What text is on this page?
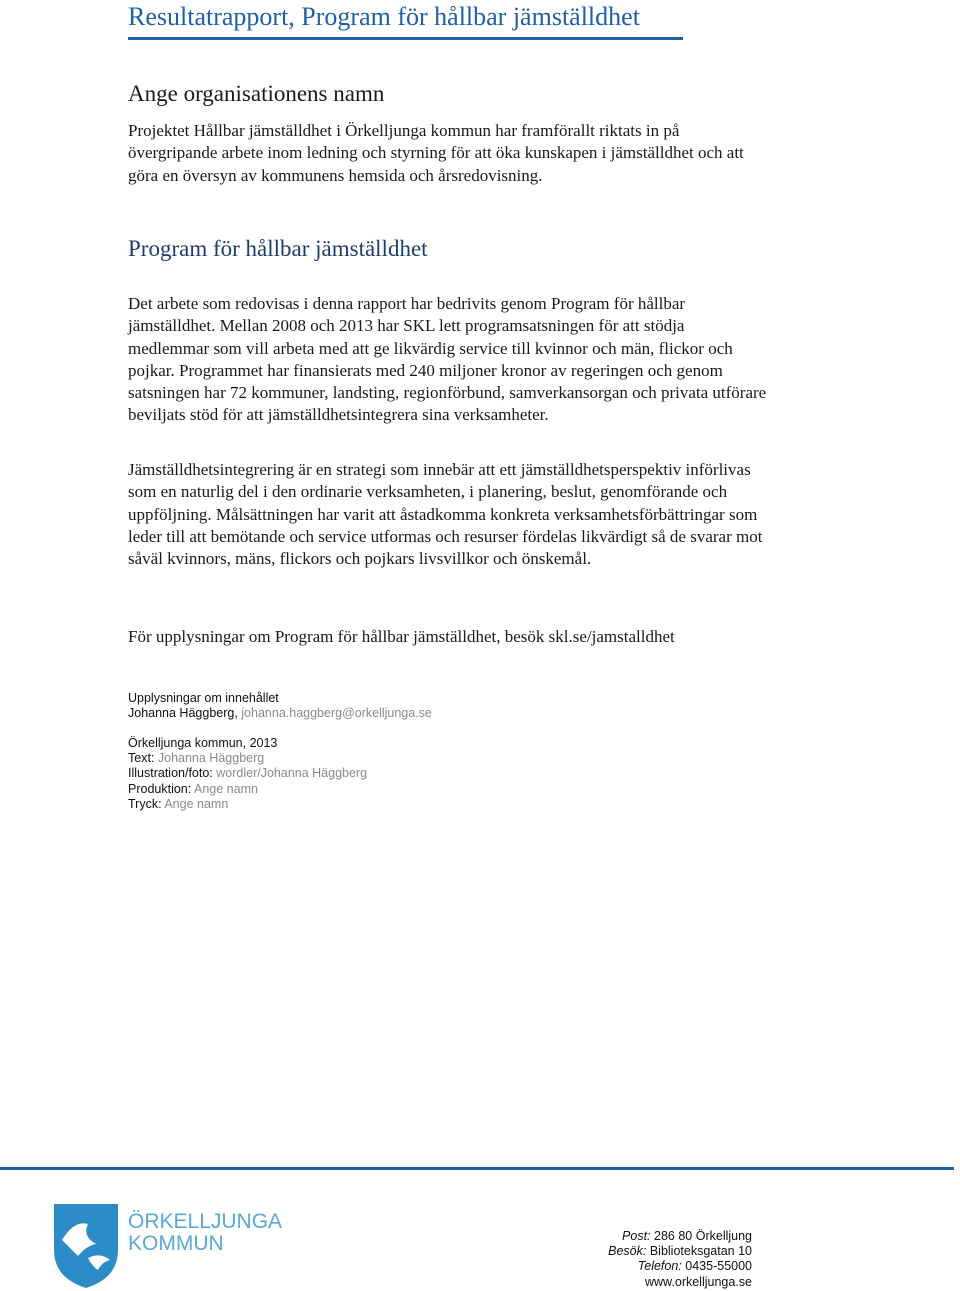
Resultatrapport, Program för hållbar jämställdhet
Ange organisationens namn

Projektet Hållbar jämställdhet i Örkelljunga kommun har framförallt riktats in på övergripande arbete inom ledning och styrning för att öka kunskapen i jämställdhet och att göra en översyn av kommunens hemsida och årsredovisning.

Program för hållbar jämställdhet

Det arbete som redovisas i denna rapport har bedrivits genom Program för hållbar jämställdhet. Mellan 2008 och 2013 har SKL lett programsatsningen för att stödja medlemmar som vill arbeta med att ge likvärdig service till kvinnor och män, flickor och pojkar. Programmet har finansierats med 240 miljoner kronor av regeringen och genom satsningen har 72 kommuner, landsting, regionförbund, samverkansorgan och privata utförare beviljats stöd för att jämställdhetsintegrera sina verksamheter.

Jämställdhetsintegrering är en strategi som innebär att ett jämställdhetsperspektiv införlivas som en naturlig del i den ordinarie verksamheten, i planering, beslut, genomförande och uppföljning. Målsättningen har varit att åstadkomma konkreta verksamhetsförbättringar som leder till att bemötande och service utformas och resurser fördelas likvärdigt så de svarar mot såväl kvinnors, mäns, flickors och pojkars livsvillkor och önskemål.

För upplysningar om Program för hållbar jämställdhet, besök skl.se/jamstalldhet

Upplysningar om innehållet
Johanna Häggberg, johanna.haggberg@orkelljunga.se
Örkelljunga kommun, 2013
Text: Johanna Häggberg
Illustration/foto: wordler/Johanna Häggberg
Produktion: Ange namn
Tryck: Ange namn
ÖRKELLJUNGA
KOMMUN	Post: 286 80 Örkelljung
Besök: Biblioteksgatan 10
Telefon: 0435-55000
www.orkelljunga.se
